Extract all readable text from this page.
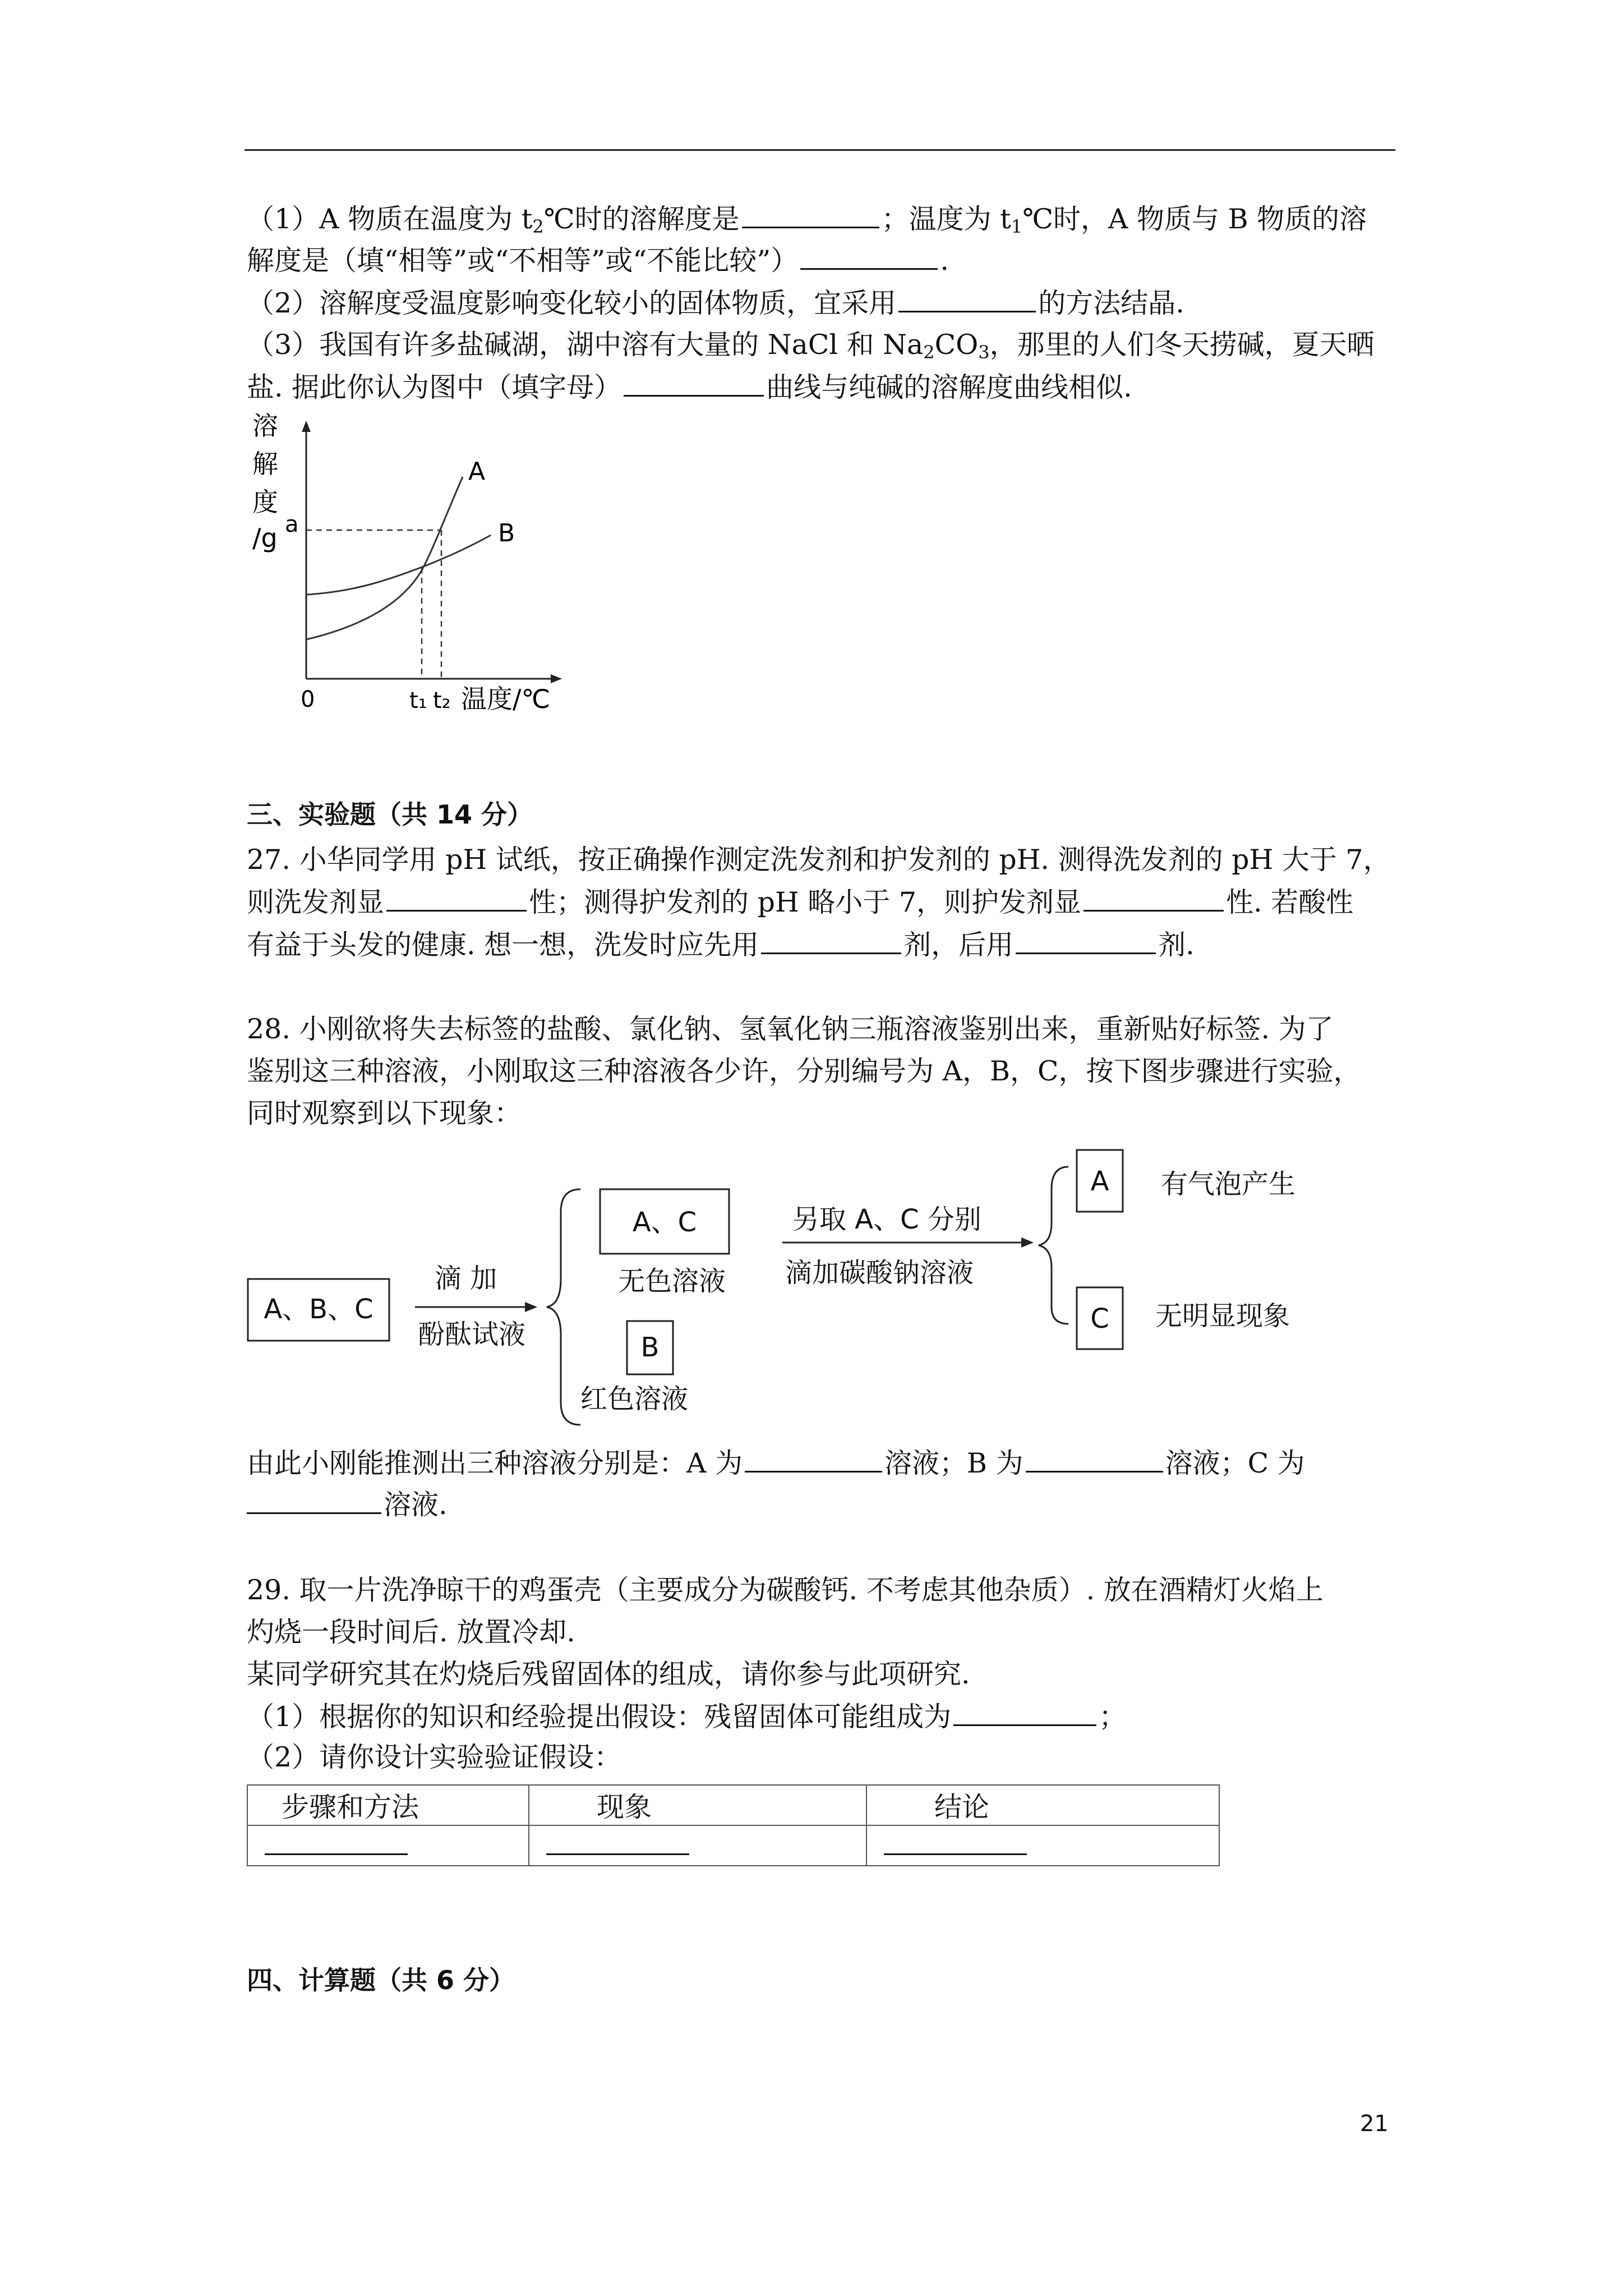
（1）A 物质在温度为 $t_2℃$时的溶解度是	；温度为 $t_1℃$时，A 物质与 B 物质的溶
解度是（填“相等”或“不相等”或“不能比较”）	.
（2）溶解度受温度影响变化较小的固体物质，宜采用	的方法结晶.
（3）我国有许多盐碱湖，湖中溶有大量的 NaCl 和 $Na_2CO_3$，那里的人们冬天捞碱，夏天晒
盐. 据此你认为图中（填字母）	曲线与纯碱的溶解度曲线相似.
溶
解
度
/g a
A
B
0	t₁ t₂ 温度/℃
三、实验题（共 14 分）
27. 小华同学用 pH 试纸，按正确操作测定洗发剂和护发剂的 pH. 测得洗发剂的 pH 大于 7，
则洗发剂显	性；测得护发剂的 pH 略小于 7，则护发剂显	性. 若酸性
有益于头发的健康. 想一想，洗发时应先用	剂，后用	剂.
28. 小刚欲将失去标签的盐酸、氯化钠、氢氧化钠三瓶溶液鉴别出来，重新贴好标签. 为了
鉴别这三种溶液，小刚取这三种溶液各少许，分别编号为 A，B，C，按下图步骤进行实验，
同时观察到以下现象：
A、B、C
滴 加
酚酞试液
A、C
无色溶液
B
红色溶液
另取 A、C 分别
滴加碳酸钠溶液
A 有气泡产生
C 无明显现象
由此小刚能推测出三种溶液分别是：A 为	溶液；B 为	溶液；C 为
溶液.
29. 取一片洗净晾干的鸡蛋壳（主要成分为碳酸钙. 不考虑其他杂质）. 放在酒精灯火焰上
灼烧一段时间后. 放置冷却.
某同学研究其在灼烧后残留固体的组成，请你参与此项研究.
（1）根据你的知识和经验提出假设：残留固体可能组成为	；
（2）请你设计实验验证假设：
步骤和方法	现象	结论

四、计算题（共 6 分）
21
